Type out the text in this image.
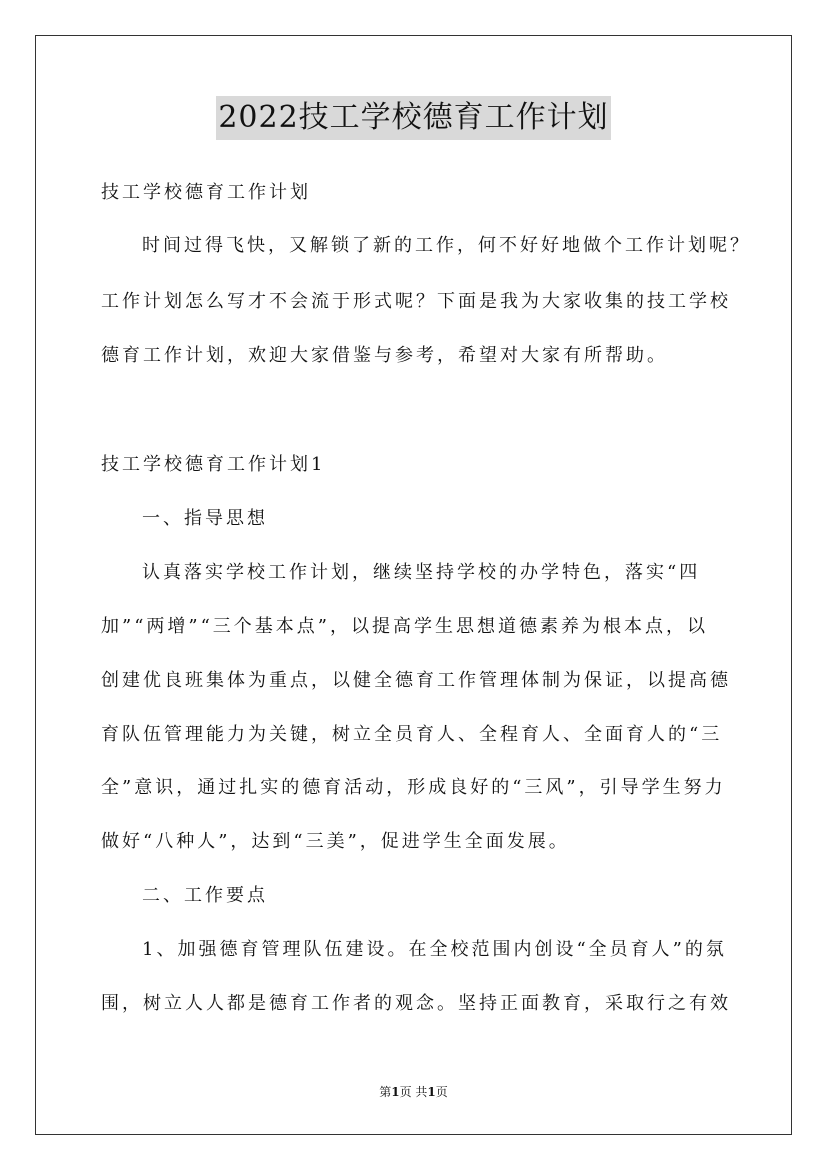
2022技工学校德育工作计划
技工学校德育工作计划
时间过得飞快，又解锁了新的工作，何不好好地做个工作计划呢？
工作计划怎么写才不会流于形式呢？下面是我为大家收集的技工学校
德育工作计划，欢迎大家借鉴与参考，希望对大家有所帮助。
技工学校德育工作计划1
一、指导思想
认真落实学校工作计划，继续坚持学校的办学特色，落实“四
加”“两增”“三个基本点”，以提高学生思想道德素养为根本点，以
创建优良班集体为重点，以健全德育工作管理体制为保证，以提高德
育队伍管理能力为关键，树立全员育人、全程育人、全面育人的“三
全”意识，通过扎实的德育活动，形成良好的“三风”，引导学生努力
做好“八种人”，达到“三美”，促进学生全面发展。
二、工作要点
1、加强德育管理队伍建设。在全校范围内创设“全员育人”的氛
围，树立人人都是德育工作者的观念。坚持正面教育，采取行之有效
第1页 共1页
